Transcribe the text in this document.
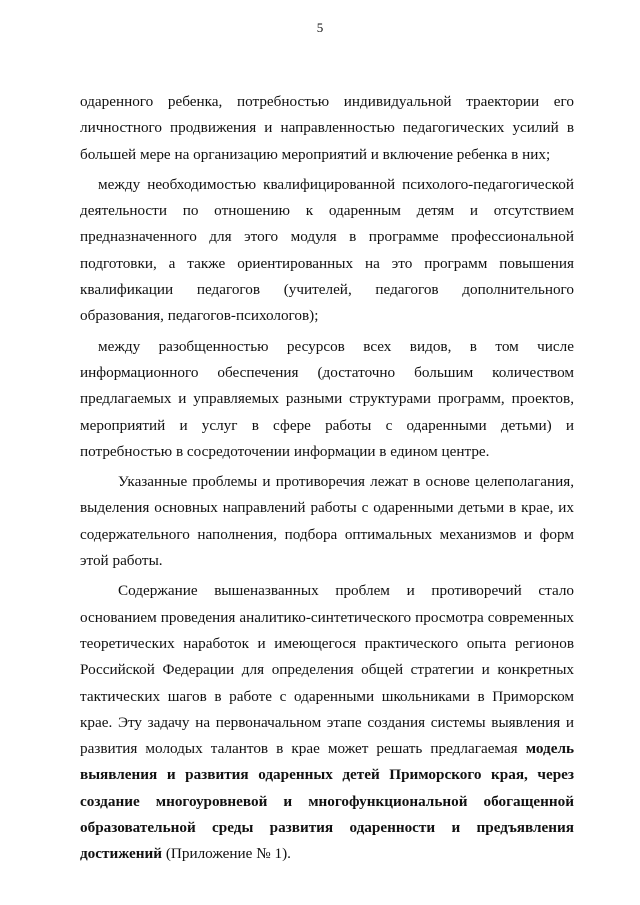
5

одаренного ребенка, потребностью индивидуальной траектории его личностного продвижения и направленностью педагогических усилий в большей мере на организацию мероприятий и включение ребенка в них;

между необходимостью квалифицированной психолого-педагогической деятельности по отношению к одаренным детям и отсутствием предназначенного для этого модуля в программе профессиональной подготовки, а также ориентированных на это программ повышения квалификации педагогов (учителей, педагогов дополнительного образования, педагогов-психологов);

между разобщенностью ресурсов всех видов, в том числе информационного обеспечения (достаточно большим количеством предлагаемых и управляемых разными структурами программ, проектов, мероприятий и услуг в сфере работы с одаренными детьми) и потребностью в сосредоточении информации в едином центре.

Указанные проблемы и противоречия лежат в основе целеполагания, выделения основных направлений работы с одаренными детьми в крае, их содержательного наполнения, подбора оптимальных механизмов и форм этой работы.

Содержание вышеназванных проблем и противоречий стало основанием проведения аналитико-синтетического просмотра современных теоретических наработок и имеющегося практического опыта регионов Российской Федерации для определения общей стратегии и конкретных тактических шагов в работе с одаренными школьниками в Приморском крае. Эту задачу на первоначальном этапе создания системы выявления и развития молодых талантов в крае может решать предлагаемая модель выявления и развития одаренных детей Приморского края, через создание многоуровневой и многофункциональной обогащенной образовательной среды развития одаренности и предъявления достижений (Приложение № 1).
